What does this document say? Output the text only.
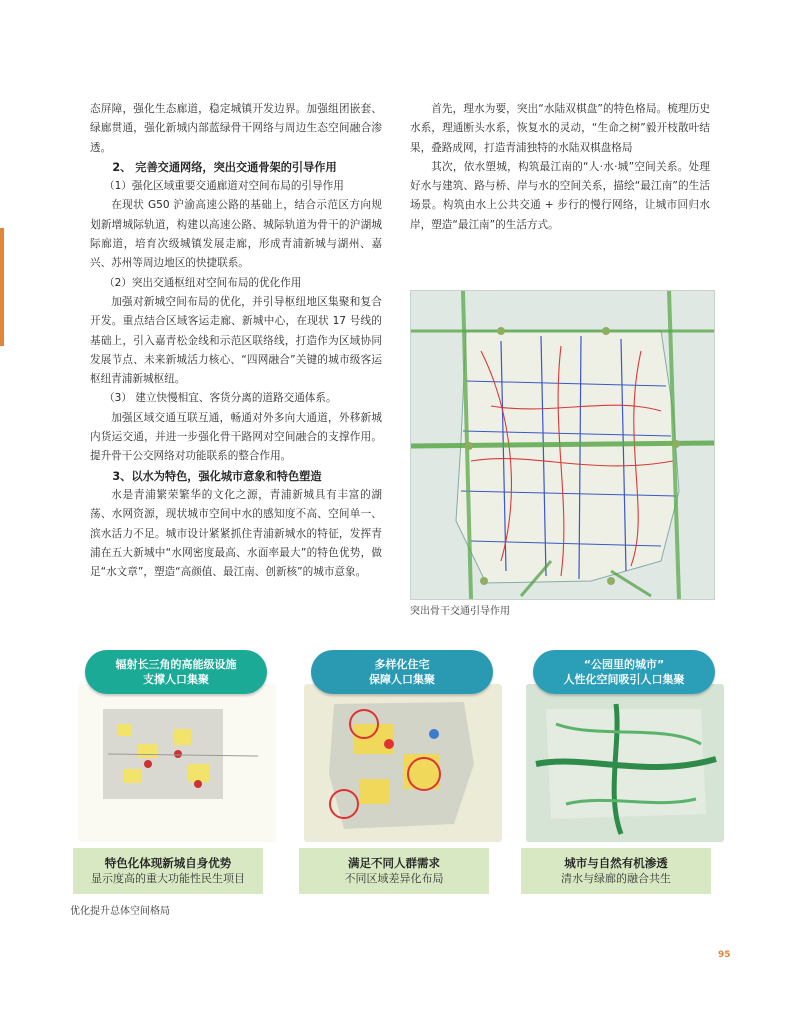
态屏障，强化生态廊道，稳定城镇开发边界。加强组团嵌套、绿廊贯通，强化新城内部蓝绿骨干网络与周边生态空间融合渗透。

2、 完善交通网络，突出交通骨架的引导作用

（1）强化区域重要交通廊道对空间布局的引导作用

在现状 G50 沪渝高速公路的基础上，结合示范区方向规划新增城际轨道，构建以高速公路、城际轨道为骨干的沪湖城际廊道，培育次级城镇发展走廊，形成青浦新城与湖州、嘉兴、苏州等周边地区的快捷联系。

（2）突出交通枢纽对空间布局的优化作用

加强对新城空间布局的优化，并引导枢纽地区集聚和复合开发。重点结合区域客运走廊、新城中心，在现状 17 号线的基础上，引入嘉青松金线和示范区联络线，打造作为区域协同发展节点、未来新城活力核心、“四网融合”关键的城市级客运枢纽青浦新城枢纽。

（3） 建立快慢相宜、客货分离的道路交通体系。

加强区域交通互联互通，畅通对外多向大通道，外移新城内货运交通，并进一步强化骨干路网对空间融合的支撑作用。提升骨干公交网络对功能联系的整合作用。

3、以水为特色，强化城市意象和特色塑造

水是青浦繁荣繁华的文化之源，青浦新城具有丰富的湖荡、水网资源，现状城市空间中水的感知度不高、空间单一、滨水活力不足。城市设计紧紧抓住青浦新城水的特征，发挥青浦在五大新城中“水网密度最高、水面率最大”的特色优势，做足“水文章”，塑造“高颜值、最江南、创新核”的城市意象。

首先，理水为要，突出“水陆双棋盘”的特色格局。梳理历史水系，理通断头水系，恢复水的灵动，“生命之树”毅开枝散叶结果，叠路成网，打造青浦独特的水陆双棋盘格局

其次，依水塑城，构筑最江南的“人·水·城”空间关系。处理好水与建筑、路与桥、岸与水的空间关系，描绘“最江南”的生活场景。构筑由水上公共交通 + 步行的慢行网络，让城市回归水岸，塑造“最江南”的生活方式。

突出骨干交通引导作用
辐射长三角的高能级设施
支撑人口集聚
特色化体现新城自身优势
显示度高的重大功能性民生项目
多样化住宅
保障人口集聚
满足不同人群需求
不同区域差异化布局
“公园里的城市”
人性化空间吸引人口集聚
城市与自然有机渗透
清水与绿廊的融合共生
优化提升总体空间格局
95
